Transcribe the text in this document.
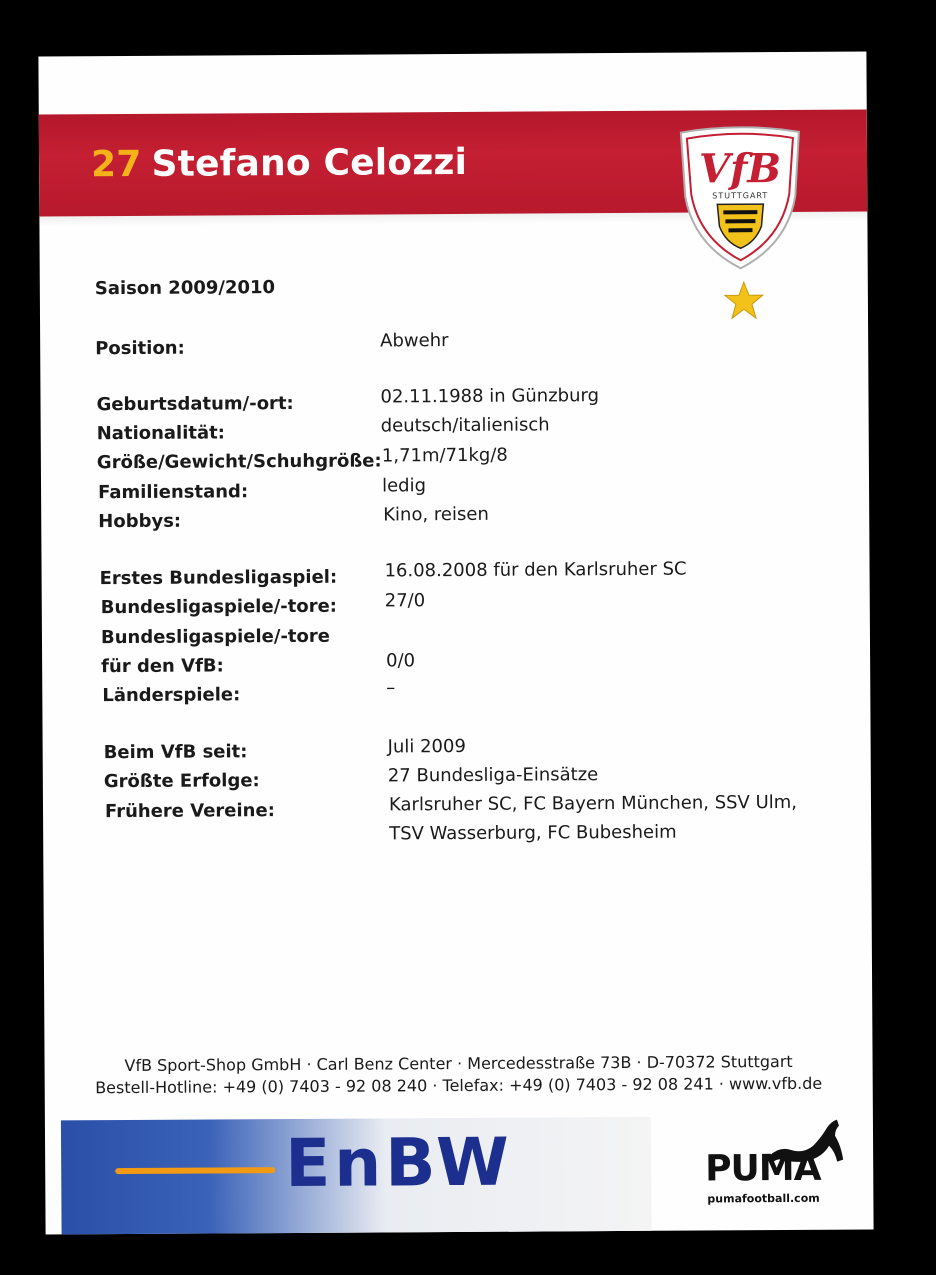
27 Stefano Celozzi	VfB
STUTTGART
Saison 2009/2010
Position:	Abwehr
Geburtsdatum/-ort:	02.11.1988 in Günzburg
Nationalität:	deutsch/italienisch
Größe/Gewicht/Schuhgröße: 1,71m/71kg/8
Familienstand:	ledig
Hobbys:	Kino, reisen
Erstes Bundesligaspiel:	16.08.2008 für den Karlsruher SC
Bundesligaspiele/-tore:	27/0
Bundesligaspiele/-tore
für den VfB:	0/0
Länderspiele:	–
Beim VfB seit:	Juli 2009
Größte Erfolge:	27 Bundesliga-Einsätze
Frühere Vereine:	Karlsruher SC, FC Bayern München, SSV Ulm,
TSV Wasserburg, FC Bubesheim
VfB Sport-Shop GmbH · Carl Benz Center · Mercedesstraße 73B · D-70372 Stuttgart
Bestell-Hotline: +49 (0) 7403 - 92 08 240 · Telefax: +49 (0) 7403 - 92 08 241 · www.vfb.de
EnBW	PUMA
pumafootball.com
